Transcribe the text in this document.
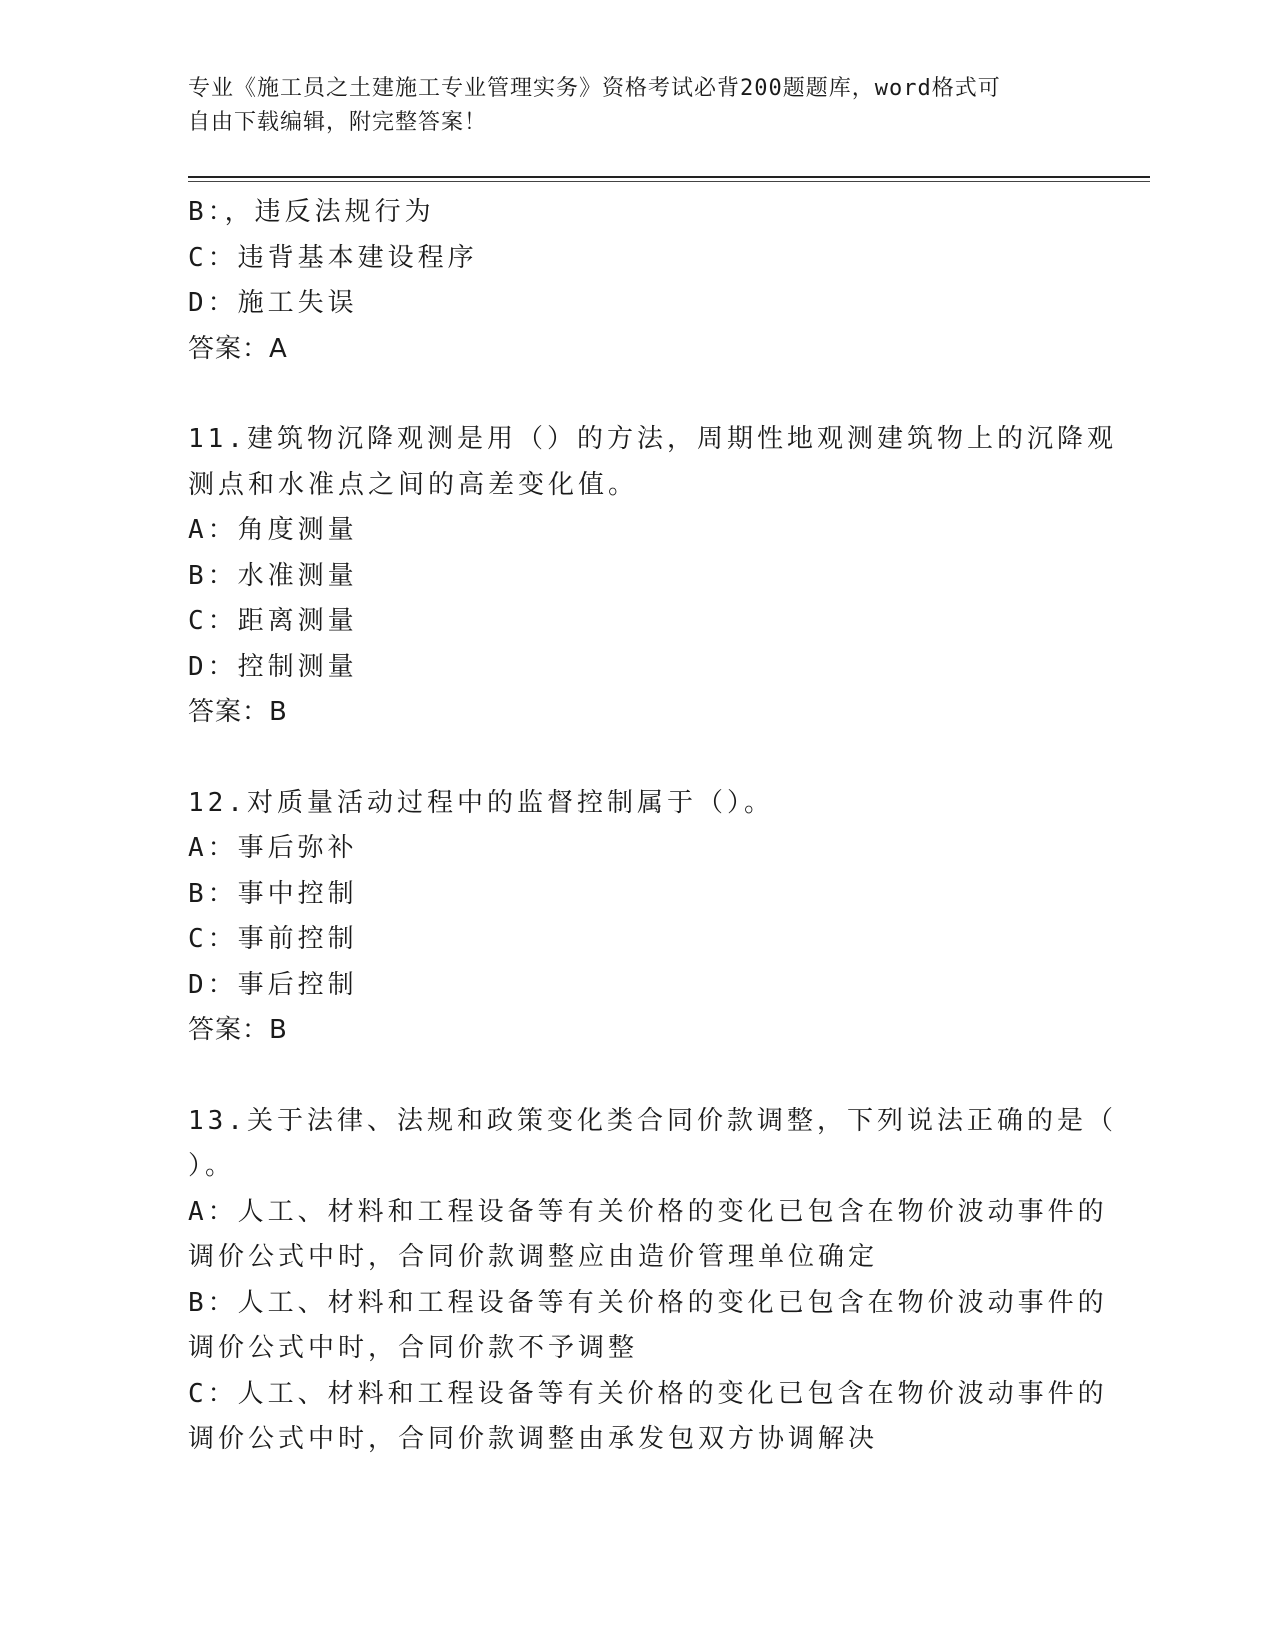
专业《施工员之土建施工专业管理实务》资格考试必背200题题库，word格式可
自由下载编辑，附完整答案！
B：，违反法规行为
C：违背基本建设程序
D：施工失误
答案：A
11.建筑物沉降观测是用（）的方法，周期性地观测建筑物上的沉降观
测点和水准点之间的高差变化值。
A：角度测量
B：水准测量
C：距离测量
D：控制测量
答案：B
12.对质量活动过程中的监督控制属于（）。
A：事后弥补
B：事中控制
C：事前控制
D：事后控制
答案：B
13.关于法律、法规和政策变化类合同价款调整，下列说法正确的是（
）。
A：人工、材料和工程设备等有关价格的变化已包含在物价波动事件的
调价公式中时，合同价款调整应由造价管理单位确定
B：人工、材料和工程设备等有关价格的变化已包含在物价波动事件的
调价公式中时，合同价款不予调整
C：人工、材料和工程设备等有关价格的变化已包含在物价波动事件的
调价公式中时，合同价款调整由承发包双方协调解决
